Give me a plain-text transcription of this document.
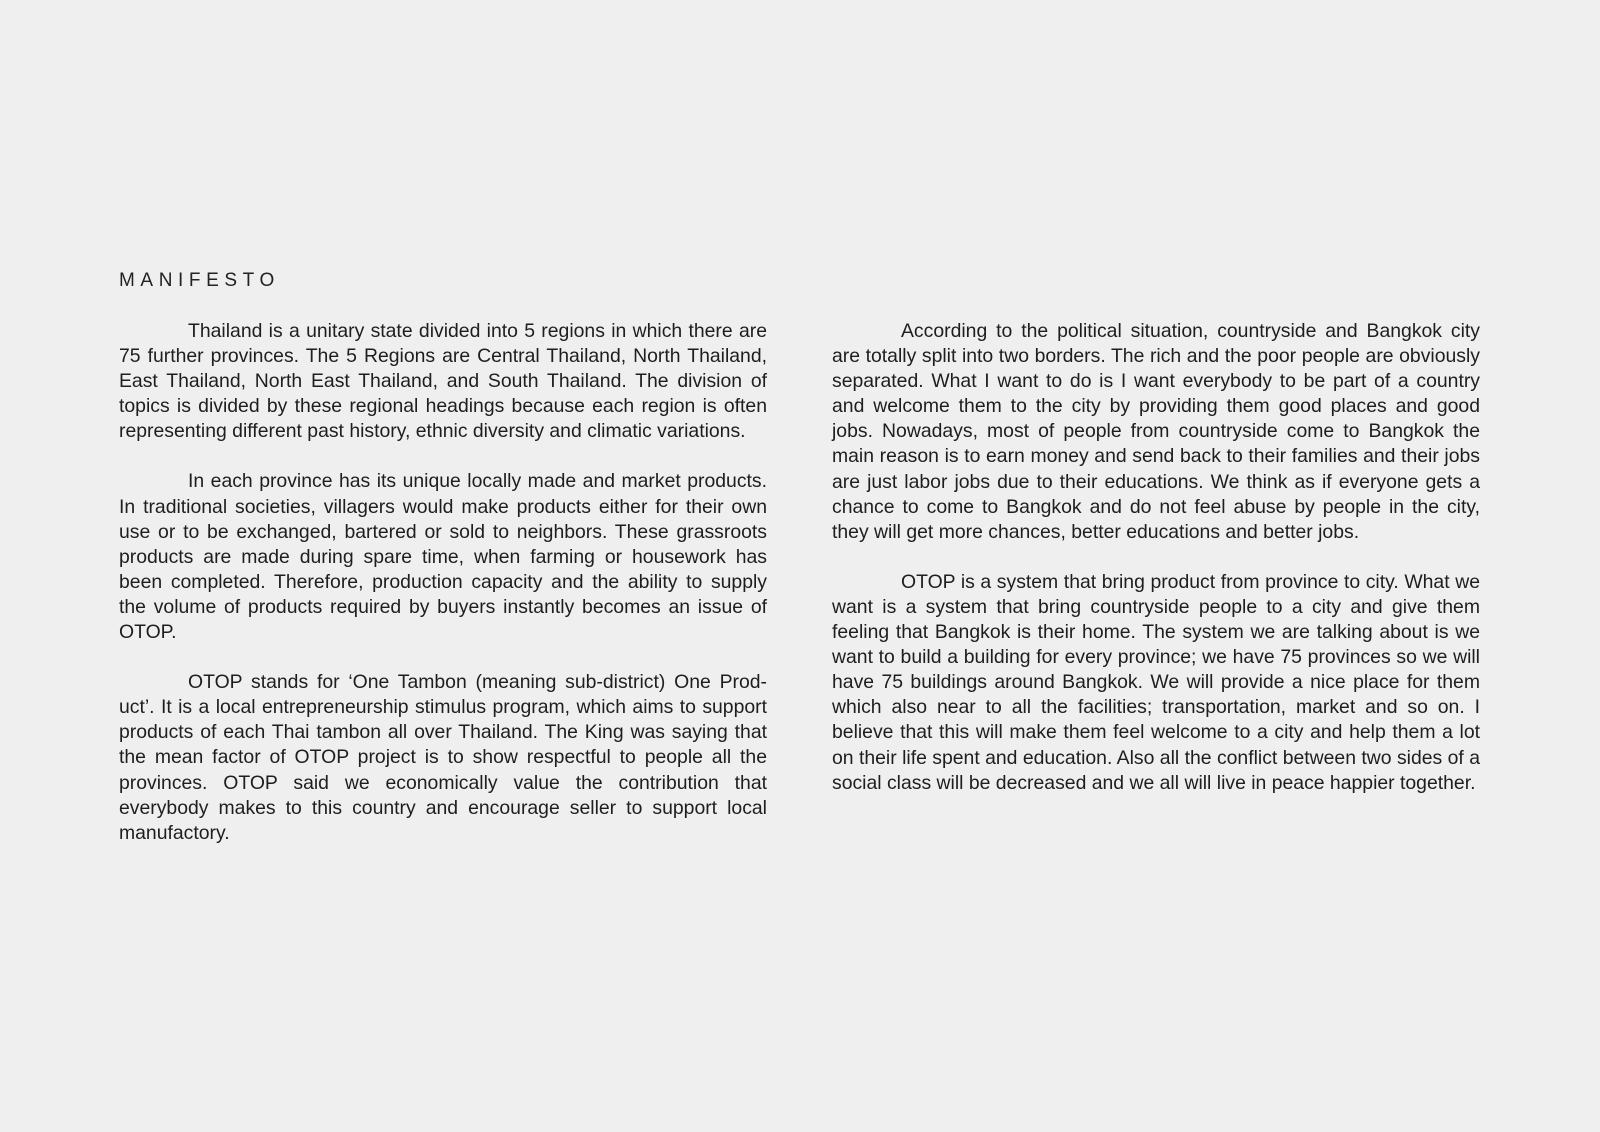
MANIFESTO

Thailand is a unitary state divided into 5 regions in which there are 75 further provinces. The 5 Regions are Central Thailand, North Thailand, East Thailand, North East Thailand, and South Thailand. The division of topics is divided by these regional headings because each region is often representing different past history, ethnic diversity and climatic variations.

In each province has its unique locally made and market products. In traditional societies, villagers would make products either for their own use or to be exchanged, bartered or sold to neighbors. These grassroots products are made during spare time, when farming or housework has been completed. Therefore, production capacity and the ability to supply the volume of products required by buyers instantly becomes an issue of OTOP.

OTOP stands for ‘One Tambon (meaning sub-district) One Product’. It is a local entrepreneurship stimulus program, which aims to support products of each Thai tambon all over Thailand. The King was saying that the mean factor of OTOP project is to show respectful to people all the provinces. OTOP said we economically value the contribution that everybody makes to this country and encourage seller to support local manufactory.

According to the political situation, countryside and Bangkok city are totally split into two borders. The rich and the poor people are obviously separated. What I want to do is I want everybody to be part of a country and welcome them to the city by providing them good places and good jobs. Nowadays, most of people from countryside come to Bangkok the main reason is to earn money and send back to their families and their jobs are just labor jobs due to their educations. We think as if everyone gets a chance to come to Bangkok and do not feel abuse by people in the city, they will get more chances, better educations and better jobs.

OTOP is a system that bring product from province to city. What we want is a system that bring countryside people to a city and give them feeling that Bangkok is their home. The system we are talking about is we want to build a building for every province; we have 75 provinces so we will have 75 buildings around Bangkok. We will provide a nice place for them which also near to all the facilities; transportation, market and so on. I believe that this will make them feel welcome to a city and help them a lot on their life spent and education. Also all the conflict between two sides of a social class will be decreased and we all will live in peace happier together.
